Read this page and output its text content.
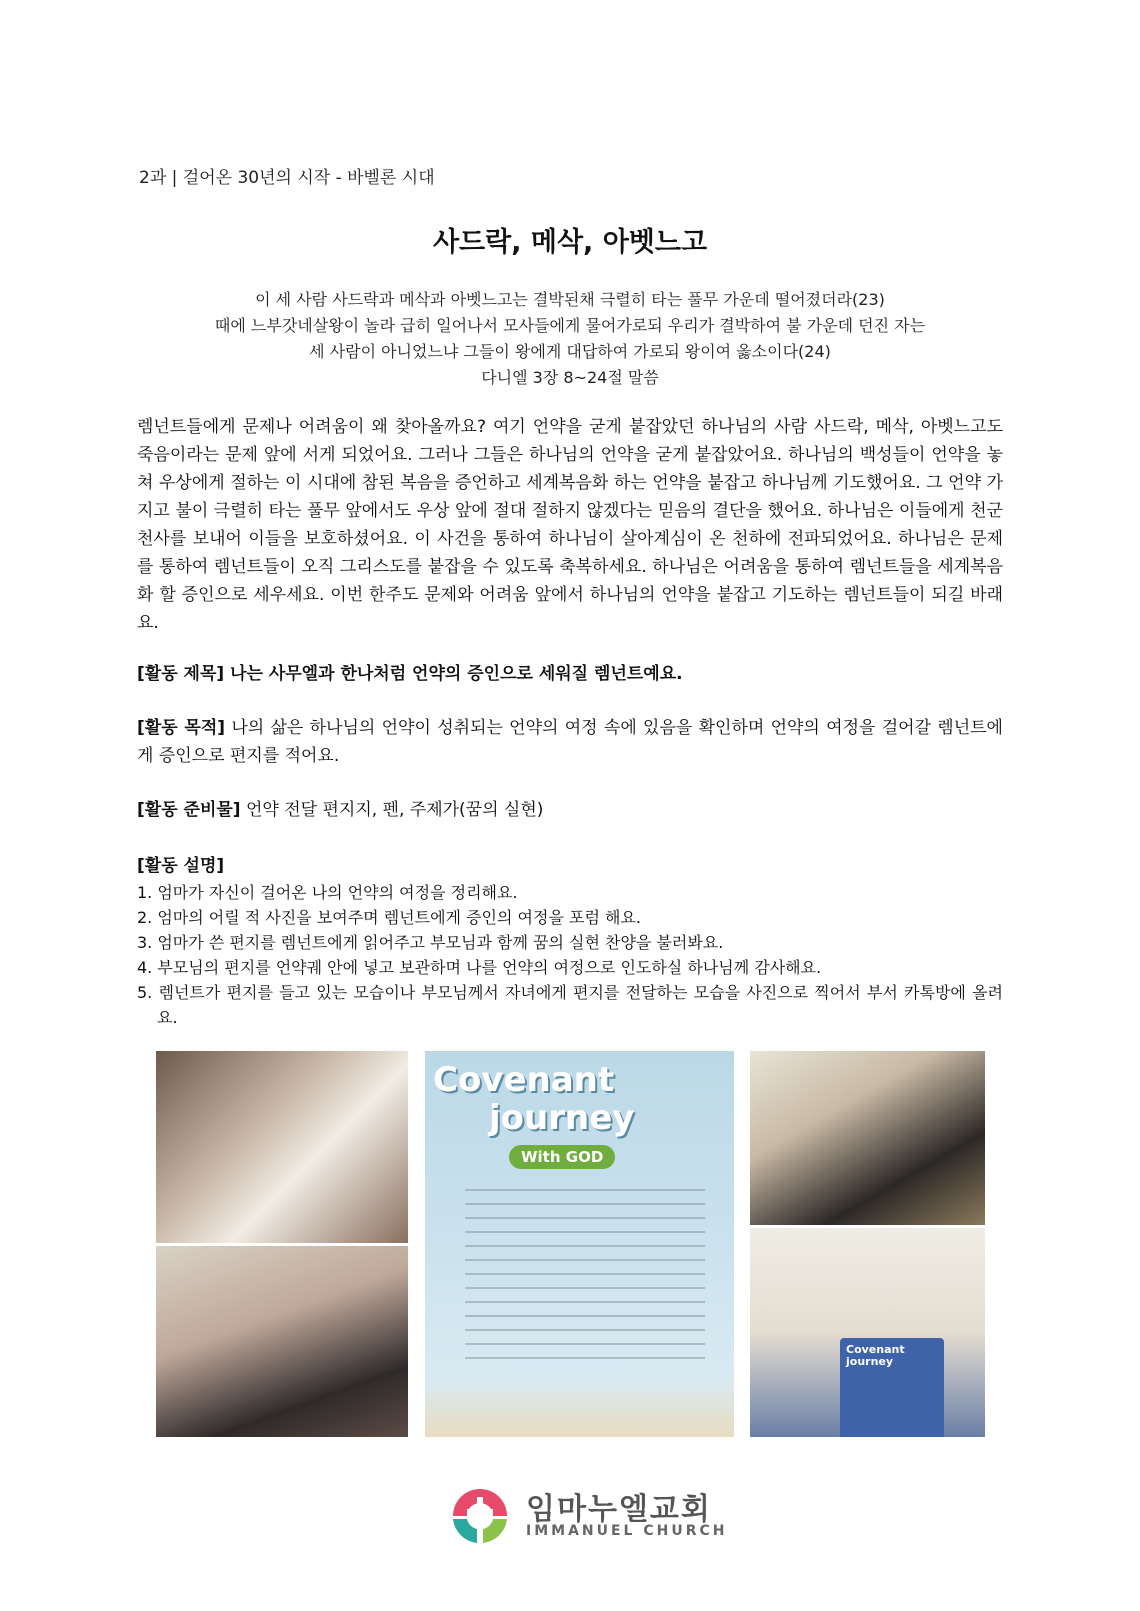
2과 | 걸어온 30년의 시작 - 바벨론 시대
사드락, 메삭, 아벳느고
이 세 사람 사드락과 메삭과 아벳느고는 결박된채 극렬히 타는 풀무 가운데 떨어졌더라(23)
때에 느부갓네살왕이 놀라 급히 일어나서 모사들에게 물어가로되 우리가 결박하여 불 가운데 던진 자는
세 사람이 아니었느냐 그들이 왕에게 대답하여 가로되 왕이여 옳소이다(24)
다니엘 3장 8~24절 말씀
렘넌트들에게 문제나 어려움이 왜 찾아올까요? 여기 언약을 굳게 붙잡았던 하나님의 사람 사드락, 메삭, 아벳느고도 죽음이라는 문제 앞에 서게 되었어요. 그러나 그들은 하나님의 언약을 굳게 붙잡았어요. 하나님의 백성들이 언약을 놓쳐 우상에게 절하는 이 시대에 참된 복음을 증언하고 세계복음화 하는 언약을 붙잡고 하나님께 기도했어요. 그 언약 가지고 불이 극렬히 타는 풀무 앞에서도 우상 앞에 절대 절하지 않겠다는 믿음의 결단을 했어요. 하나님은 이들에게 천군 천사를 보내어 이들을 보호하셨어요. 이 사건을 통하여 하나님이 살아계심이 온 천하에 전파되었어요. 하나님은 문제를 통하여 렘넌트들이 오직 그리스도를 붙잡을 수 있도록 축복하세요. 하나님은 어려움을 통하여 렘넌트들을 세계복음화 할 증인으로 세우세요. 이번 한주도 문제와 어려움 앞에서 하나님의 언약을 붙잡고 기도하는 렘넌트들이 되길 바래요.
[활동 제목] 나는 사무엘과 한나처럼 언약의 증인으로 세워질 렘넌트예요.
[활동 목적] 나의 삶은 하나님의 언약이 성취되는 언약의 여정 속에 있음을 확인하며 언약의 여정을 걸어갈 렘넌트에게 증인으로 편지를 적어요.
[활동 준비물] 언약 전달 편지지, 펜, 주제가(꿈의 실현)
[활동 설명]
1. 엄마가 자신이 걸어온 나의 언약의 여정을 정리해요.
2. 엄마의 어릴 적 사진을 보여주며 렘넌트에게 증인의 여정을 포럼 해요.
3. 엄마가 쓴 편지를 렘넌트에게 읽어주고 부모님과 함께 꿈의 실현 찬양을 불러봐요.
4. 부모님의 편지를 언약궤 안에 넣고 보관하며 나를 언약의 여정으로 인도하실 하나님께 감사해요.
5. 렘넌트가 편지를 들고 있는 모습이나 부모님께서 자녀에게 편지를 전달하는 모습을 사진으로 찍어서 부서 카톡방에 올려요.
Covenant
journey
With GOD
Covenant

journey
임마누엘교회
IMMANUEL CHURCH
